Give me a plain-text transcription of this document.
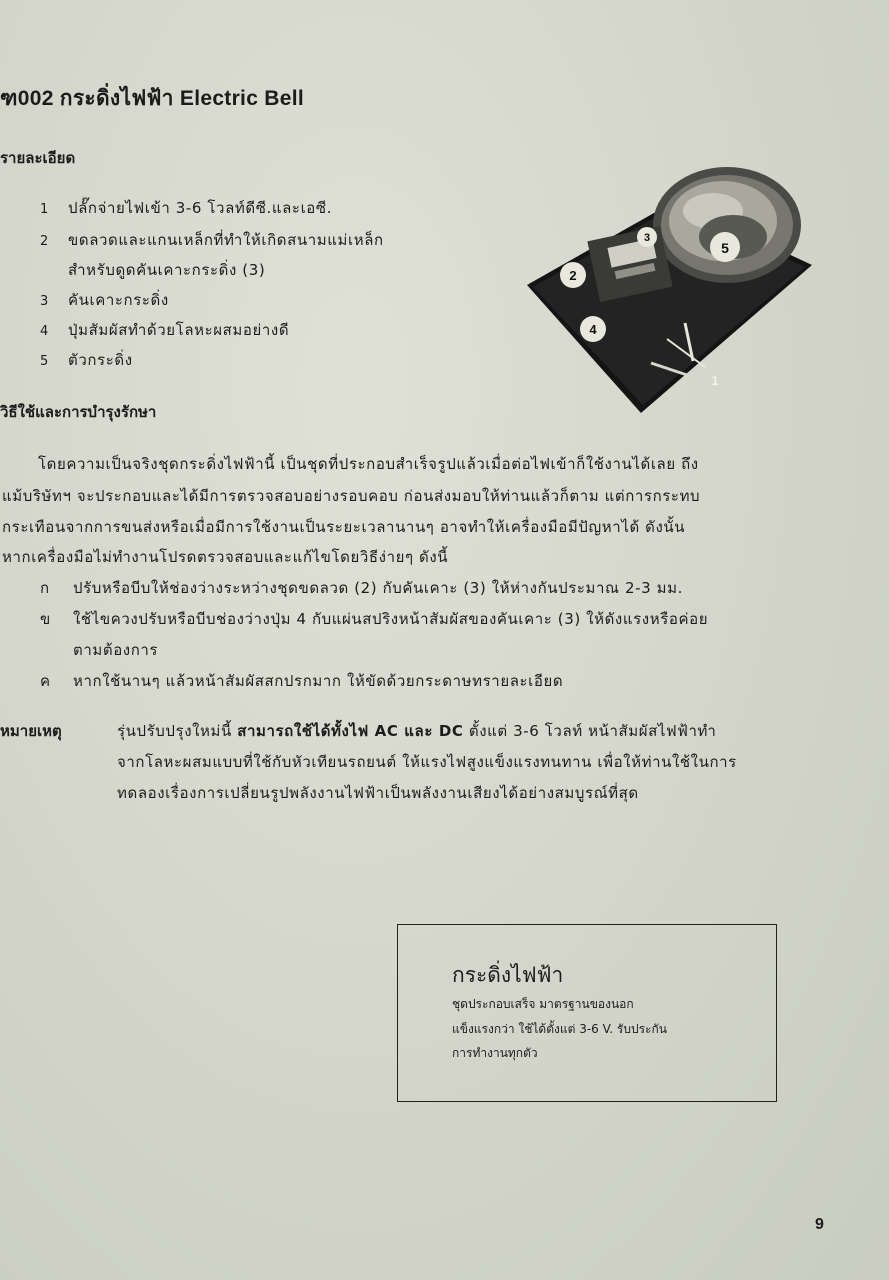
ฑ002 กระดิ่งไฟฟ้า Electric Bell
รายละเอียด
1 ปลั๊กจ่ายไฟเข้า 3-6 โวลท์ดีซี.และเอซี.
2 ขดลวดและแกนเหล็กที่ทำให้เกิดสนามแม่เหล็ก
สำหรับดูดคันเคาะกระดิ่ง (3)
3 คันเคาะกระดิ่ง
4 ปุ่มสัมผัสทำด้วยโลหะผสมอย่างดี
5 ตัวกระดิ่ง
2
4
3
5
1
วิธีใช้และการบำรุงรักษา
โดยความเป็นจริงชุดกระดิ่งไฟฟ้านี้ เป็นชุดที่ประกอบสำเร็จรูปแล้วเมื่อต่อไฟเข้าก็ใช้งานได้เลย ถึง
แม้บริษัทฯ จะประกอบและได้มีการตรวจสอบอย่างรอบคอบ ก่อนส่งมอบให้ท่านแล้วก็ตาม แต่การกระทบ
กระเทือนจากการขนส่งหรือเมื่อมีการใช้งานเป็นระยะเวลานานๆ อาจทำให้เครื่องมือมีปัญหาได้ ดังนั้น
หากเครื่องมือไม่ทำงานโปรดตรวจสอบและแก้ไขโดยวิธีง่ายๆ ดังนี้
ก ปรับหรือบีบให้ช่องว่างระหว่างชุดขดลวด (2) กับคันเคาะ (3) ให้ห่างกันประมาณ 2-3 มม.
ข ใช้ไขควงปรับหรือบีบช่องว่างปุ่ม 4 กับแผ่นสปริงหน้าสัมผัสของคันเคาะ (3) ให้ดังแรงหรือค่อย
ตามต้องการ
ค หากใช้นานๆ แล้วหน้าสัมผัสสกปรกมาก ให้ขัดด้วยกระดาษทรายละเอียด
หมายเหตุ	รุ่นปรับปรุงใหม่นี้ สามารถใช้ได้ทั้งไฟ AC และ DC ตั้งแต่ 3-6 โวลท์ หน้าสัมผัสไฟฟ้าทำ
จากโลหะผสมแบบที่ใช้กับหัวเทียนรถยนต์ ให้แรงไฟสูงแข็งแรงทนทาน เพื่อให้ท่านใช้ในการ
ทดลองเรื่องการเปลี่ยนรูปพลังงานไฟฟ้าเป็นพลังงานเสียงได้อย่างสมบูรณ์ที่สุด
กระดิ่งไฟฟ้า
ชุดประกอบเสร็จ มาตรฐานของนอก
แข็งแรงกว่า ใช้ได้ตั้งแต่ 3-6 V. รับประกัน
การทำงานทุกตัว
9
